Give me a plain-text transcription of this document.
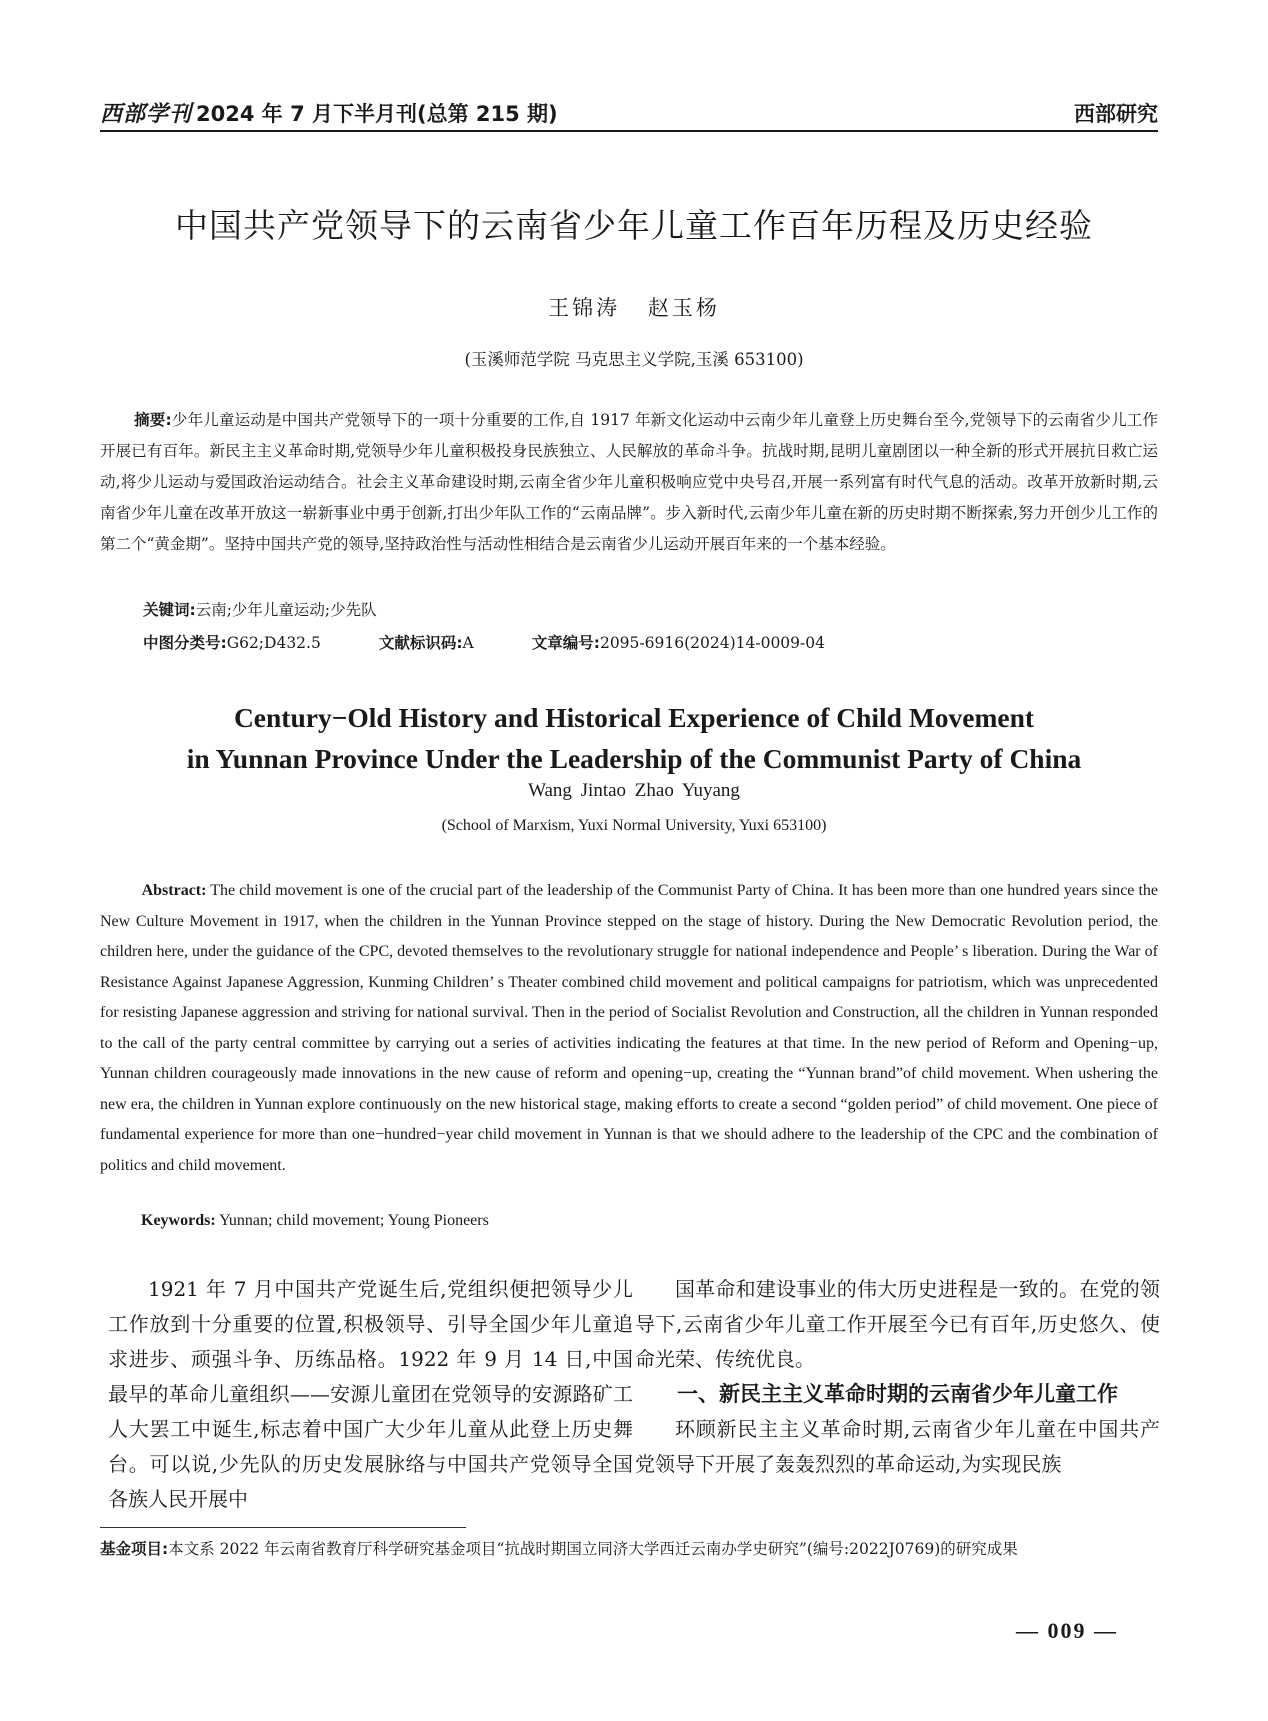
西部学刊 2024 年 7 月下半月刊(总第 215 期)	西部研究
中国共产党领导下的云南省少年儿童工作百年历程及历史经验
王锦涛 赵玉杨
(玉溪师范学院 马克思主义学院,玉溪 653100)
摘要:少年儿童运动是中国共产党领导下的一项十分重要的工作,自 1917 年新文化运动中云南少年儿童登上历史舞台至今,党领导下的云南省少儿工作开展已有百年。新民主主义革命时期,党领导少年儿童积极投身民族独立、人民解放的革命斗争。抗战时期,昆明儿童剧团以一种全新的形式开展抗日救亡运动,将少儿运动与爱国政治运动结合。社会主义革命建设时期,云南全省少年儿童积极响应党中央号召,开展一系列富有时代气息的活动。改革开放新时期,云南省少年儿童在改革开放这一崭新事业中勇于创新,打出少年队工作的“云南品牌”。步入新时代,云南少年儿童在新的历史时期不断探索,努力开创少儿工作的第二个“黄金期”。坚持中国共产党的领导,坚持政治性与活动性相结合是云南省少儿运动开展百年来的一个基本经验。
关键词:云南;少年儿童运动;少先队
中图分类号:G62;D432.5	文献标识码:A	文章编号:2095-6916(2024)14-0009-04
Century−Old History and Historical Experience of Child Movement
in Yunnan Province Under the Leadership of the Communist Party of China
Wang Jintao Zhao Yuyang
(School of Marxism, Yuxi Normal University, Yuxi 653100)
Abstract: The child movement is one of the crucial part of the leadership of the Communist Party of China. It has been more than one hundred years since the New Culture Movement in 1917, when the children in the Yunnan Province stepped on the stage of history. During the New Democratic Revolution period, the children here, under the guidance of the CPC, devoted themselves to the revolutionary struggle for national independence and People’ s liberation. During the War of Resistance Against Japanese Aggression, Kunming Children’ s Theater combined child movement and political campaigns for patriotism, which was unprecedented for resisting Japanese aggression and striving for national survival. Then in the period of Socialist Revolution and Construction, all the children in Yunnan responded to the call of the party central committee by carrying out a series of activities indicating the features at that time. In the new period of Reform and Opening−up, Yunnan children courageously made innovations in the new cause of reform and opening−up, creating the “Yunnan brand”of child movement. When ushering the new era, the children in Yunnan explore continuously on the new historical stage, making efforts to create a second “golden period” of child movement. One piece of fundamental experience for more than one−hundred−year child movement in Yunnan is that we should adhere to the leadership of the CPC and the combination of politics and child movement.
Keywords: Yunnan; child movement; Young Pioneers

1921 年 7 月中国共产党诞生后,党组织便把领导少儿工作放到十分重要的位置,积极领导、引导全国少年儿童追求进步、顽强斗争、历练品格。1922 年 9 月 14 日,中国最早的革命儿童组织——安源儿童团在党领导的安源路矿工人大罢工中诞生,标志着中国广大少年儿童从此登上历史舞台。可以说,少先队的历史发展脉络与中国共产党领导全国各族人民开展中

国革命和建设事业的伟大历史进程是一致的。在党的领导下,云南省少年儿童工作开展至今已有百年,历史悠久、使命光荣、传统优良。

一、新民主主义革命时期的云南省少年儿童工作

环顾新民主主义革命时期,云南省少年儿童在中国共产党领导下开展了轰轰烈烈的革命运动,为实现民族

基金项目:本文系 2022 年云南省教育厅科学研究基金项目“抗战时期国立同济大学西迁云南办学史研究”(编号:2022J0769)的研究成果
— 009 —
